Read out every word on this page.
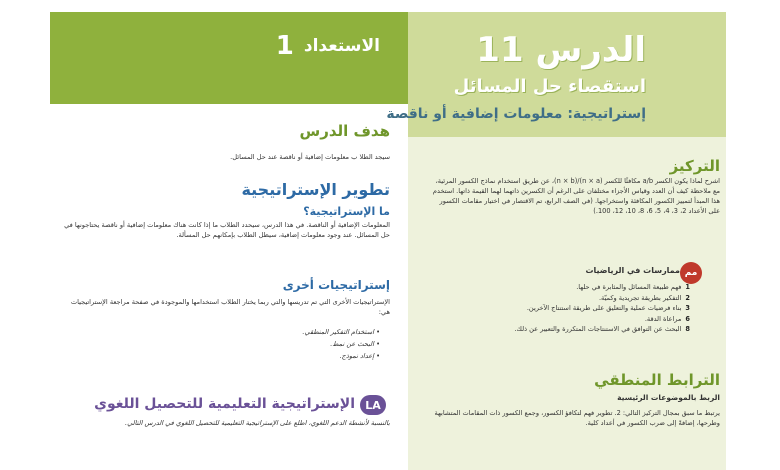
الاستعداد
1	الدرس 11
استقصاء حل المسائل
إستراتيجية: معلومات إضافية أو ناقصة
هدف الدرس
سيجد الطلا ب معلومات إضافية أو ناقصة عند حل المسائل.
تطوير الإستراتيجية
ما الإستراتيجية؟
المعلومات الإضافية أو الناقصة. في هذا الدرس، سيحدد الطلاب ما إذا كانت هناك معلومات إضافية أو ناقصة يحتاجونها في حل المسائل. عند وجود معلومات إضافية، سيظل الطلاب بإمكانهم حل المسألة.
إستراتيجيات أخرى
الإستراتيجيات الأخرى التي تم تدريسها والتي ربما يختار الطلاب استخدامها والموجودة في صفحة مراجعة الإستراتيجيات هي:
• استخدام التفكير المنطقي.
• البحث عن نمط.
• إعداد نموذج.
LA
الإستراتيجية التعليمية للتحصيل اللغوي
بالنسبة لأنشطة الدعم اللغوي، اطلع على الإستراتيجية التعليمية للتحصيل اللغوي في الدرس التالي.
التركيز
اشرح لماذا يكون الكسر a/b مكافئًا للكسر (n × a)/(n × b)، عن طريق استخدام نماذج الكسور المرئية، مع ملاحظة كيف أن العدد وقياس الأجزاء مختلفان على الرغم أن الكسرين ذاتهما لهما القيمة ذاتها. استخدم هذا المبدأ لتمييز الكسور المكافئة واستخراجها. (في الصف الرابع، تم الاقتصار في اختيار مقامات الكسور على الأعداد 2، 3، 4، 5، 6، 8، 10، 12، 100.)
مم
ممارسات في الرياضيات
1
فهم طبيعة المسائل والمثابرة في حلها.
2
التفكير بطريقة تجريدية وكميّة.
3
بناء فرضيات عملية والتعليق على طريقة استنتاج الآخرين.
6
مراعاة الدقة.
8
البحث عن التوافق في الاستنتاجات المتكررة والتعبير عن ذلك.
الترابط المنطقي
الربط بالموضوعات الرئيسية
يرتبط ما سبق بمجال التركيز التالي: 2. تطوير فهم لتكافؤ الكسور، وجمع الكسور ذات المقامات المتشابهة وطرحها، إضافةً إلى ضرب الكسور في أعداد كلية.
